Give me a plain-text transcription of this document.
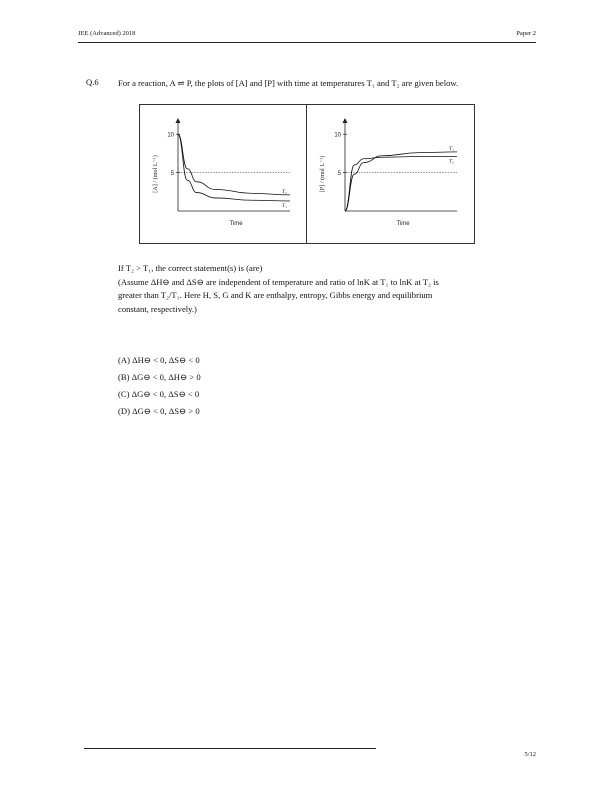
JEE (Advanced) 2018	Paper 2
Q.6 For a reaction, A ⇌ P, the plots of [A] and [P] with time at temperatures T₁ and T₂ are given below.
10
5
T₂
T₁
Time
[A] / (mol L⁻¹)
10
5
T₁
T₂
Time
[P] / (mol L⁻¹)

If T₂ > T₁, the correct statement(s) is (are)

(Assume ΔH⊖ and ΔS⊖ are independent of temperature and ratio of lnK at T₁ to lnK at T₂ is

greater than T₂/T₁. Here H, S, G and K are enthalpy, entropy, Gibbs energy and equilibrium

constant, respectively.)

(A) ΔH⊖ < 0, ΔS⊖ < 0
(B) ΔG⊖ < 0, ΔH⊖ > 0
(C) ΔG⊖ < 0, ΔS⊖ < 0
(D) ΔG⊖ < 0, ΔS⊖ > 0
5/12
